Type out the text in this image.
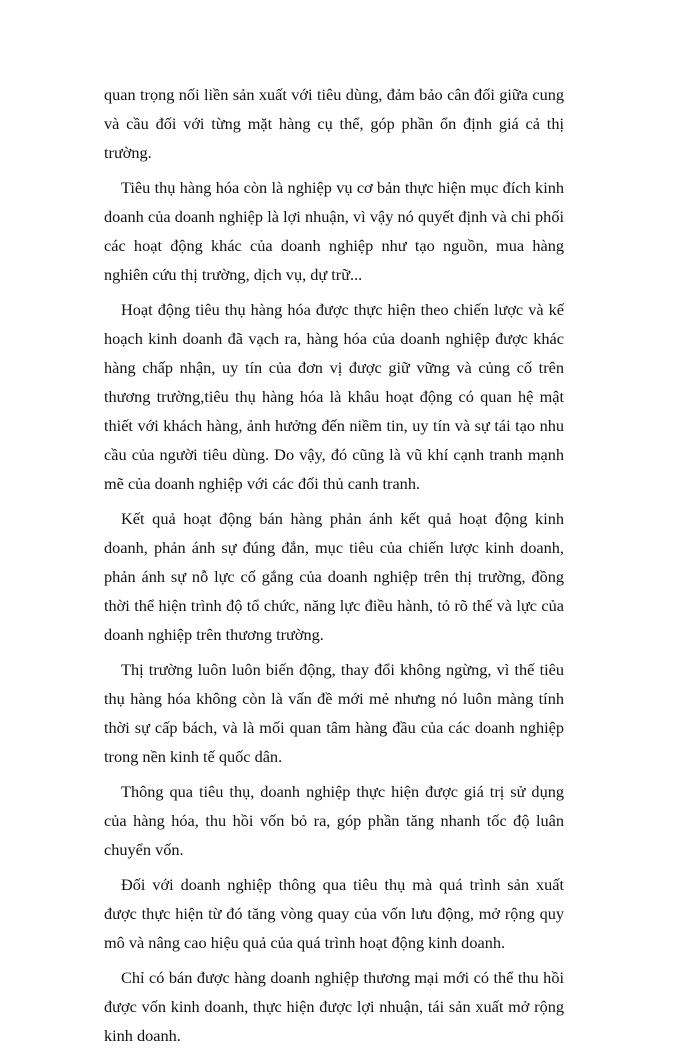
quan trọng nối liền sản xuất với tiêu dùng, đảm bảo cân đối giữa cung và cầu đối với từng mặt hàng cụ thể, góp phần ổn định giá cả thị trường.

Tiêu thụ hàng hóa còn là nghiệp vụ cơ bản thực hiện mục đích kinh doanh của doanh nghiệp là lợi nhuận, vì vậy nó quyết định và chi phối các hoạt động khác của doanh nghiệp như tạo nguồn, mua hàng nghiên cứu thị trường, dịch vụ, dự trữ...

Hoạt động tiêu thụ hàng hóa được thực hiện theo chiến lược và kế hoạch kinh doanh đã vạch ra, hàng hóa của doanh nghiệp được khác hàng chấp nhận, uy tín của đơn vị được giữ vững và củng cố trên thương trường,tiêu thụ hàng hóa là khâu hoạt động có quan hệ mật thiết với khách hàng, ảnh hưởng đến niềm tin, uy tín và sự tái tạo nhu cầu của người tiêu dùng. Do vậy, đó cũng là vũ khí cạnh tranh mạnh mẽ của doanh nghiệp với các đối thủ canh tranh.

Kết quả hoạt động bán hàng phản ánh kết quả hoạt động kinh doanh, phản ánh sự đúng đắn, mục tiêu của chiến lược kinh doanh, phản ánh sự nỗ lực cố gắng của doanh nghiệp trên thị trường, đồng thời thể hiện trình độ tổ chức, năng lực điều hành, tỏ rõ thế và lực của doanh nghiệp trên thương trường.

Thị trường luôn luôn biến động, thay đổi không ngừng, vì thế tiêu thụ hàng hóa không còn là vấn đề mới mẻ nhưng nó luôn màng tính thời sự cấp bách, và là mối quan tâm hàng đầu của các doanh nghiệp trong nền kinh tế quốc dân.

Thông qua tiêu thụ, doanh nghiệp thực hiện được giá trị sử dụng của hàng hóa, thu hồi vốn bỏ ra, góp phần tăng nhanh tốc độ luân chuyển vốn.

Đối với doanh nghiệp thông qua tiêu thụ mà quá trình sản xuất được thực hiện từ đó tăng vòng quay của vốn lưu động, mở rộng quy mô và nâng cao hiệu quả của quá trình hoạt động kinh doanh.

Chỉ có bán được hàng doanh nghiệp thương mại mới có thể thu hồi được vốn kinh doanh, thực hiện được lợi nhuận, tái sản xuất mở rộng kinh doanh.
